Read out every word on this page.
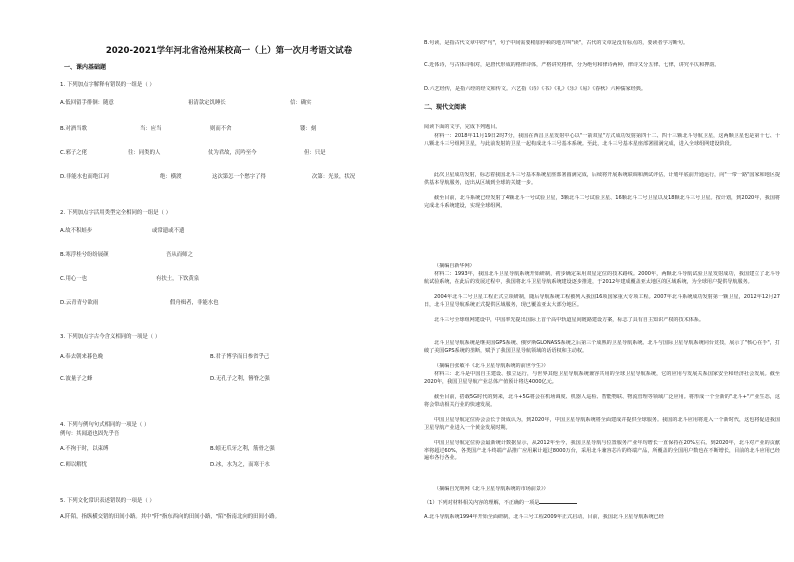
2020-2021学年河北省沧州某校高一（上）第一次月考语文试卷
一、课内基础题
1. 下列加点字解释有错误的一组是（ ）
A.低回留手徘徊：随意	祖清款定饥睡长	信：确实
B.对酒当歌	当：应当	则而不舍	镂：刻
C.邪子之佬	往：同类的人	仗为君故，沉吟至今	但：只是
D.非能水也而绝江河	绝：横渡	这次第怎一个愁字了得	次第：光景，状况
2. 下列加点字活用类型完全相同的一组是（ ）
A.故不积蛙步	或常遗或不遗
B.寒浮桂兮纷纷展颜	吾从而师之
C.用心一也	有扶土，下饮黄泉
D.云青青兮欲雨	假舟楫者，非能水也
3. 下列加点字古今含义相同的一项是（ ）
A.奉去朝来暮色晚	B.君子博学而日参省乎己
C.波量子之蜂	D.无孔子之利，簪脊之强
4. 下列与例句句式相同的一项是（ ）
例句：其闻道也固先乎吾
A.不拘于时，以束缚	B.蚓无爪牙之利，筋骨之强
C.师以解忧	D.冰，水为之，而寒于水
5. 下列文化常识表述错误的一项是（ ）
A.阡陌，指纵横交错的田间小路。其中"阡"指东西向的田间小路，"陌"指南北向的田间小路。
B.句读，是指古代文章中的"句"，句子中间需要稍加停顿的地方叫"读"，古代的文章是没有标点的，要读者学习断句。
C.近体诗，与古体诗相对，是唐代形成的格律诗体，严格讲究格律，分为绝句和律诗两种，律诗又分五律、七律，讲究平仄和押韵。
D.六艺经传，是指六经的经文和传文。六艺指《诗》《书》《礼》《乐》《易》《春秋》六种儒家经典。
二、现代文阅读
阅读下面的文字，完成下列题目。
材料一：2018年11月19日2时7分，我国在西昌卫星发射中心以"一箭双星"方式成功发射第四十二、四十三颗北斗导航卫星，这两颗卫星也是第十七、十八颗北斗三号组网卫星，与此前发射的卫星一起构成北斗三号基本系统。至此，北斗三号基本星座部署圆满完成，进入全球组网建设阶段。
此次卫星成功发射，标志着我国北斗三号基本系统星座部署圆满完成，后续将开展系统联调和测试评估，计划年底前开通运行，向"一带一路"国家和地区提供基本导航服务，迈出从区域到全球的关键一步。
截至目前，北斗系统已经发射了4颗北斗一号试验卫星，3颗北斗二号试验卫星、16颗北斗二号卫星以及18颗北斗三号卫星。按计划，到2020年，我国将完成北斗系统建设，实现全球组网。
（摘编自新华网）
材料二：1993年，我国北斗卫星导航系统开始研制，初步确定采用双星定位的技术路线。2000年，两颗北斗导航试验卫星发射成功，我国建立了北斗导航试验系统，在此后的发展过程中，我国将北斗卫星导航系统建设逐步推进，于2012年建成覆盖亚太地区的区域系统，为全球用户提供导航服务。
2004年北斗二号卫星工程正式立项研制，随后导航系统工程被列入我国16项国家重大专项工程。2007年北斗系统成功发射第一颗卫星，2012年12月27日，北斗卫星导航系统正式提供区域服务，现已覆盖亚太大部分地区。
北斗三号全球组网建设中，中国率先提出国际上首个高中轨道星间链路建设方案，标志了具有自主知识产权的技术体系。
北斗卫星导航系统是继美国GPS系统、俄罗斯GLONASS系统之后第三个成熟的卫星导航系统。北斗与国际卫星导航系统同台竞技，展示了"核心在手"，打破了美国GPS系统的垄断，赋予了我国卫星导航领域的话语权和主动权。
（摘编自张敏平《北斗卫星导航系统的前世今生》）
材料三：北斗是中国自主建设、独立运行，与世界其他卫星导航系统兼容共用的全球卫星导航系统，它的应用与发展关系国家安全和经济社会发展。截至2020年，我国卫星导航产业总体产值预计将达4000亿元。
截至目前，搭载5G时代的到来，北斗+5G将会在机场调度、机器人巡检、智能物联、物流管理等领域广泛应用。将形成一个全新的"北斗+"产业生态，这将会带动相关行业的快速发展。
中国卫星导航定位协会会长于贤成认为，到2020年，中国卫星导航系统将全面建成并提供全球服务。我国的北斗应用将进入一个新时代，这也将促进我国卫星导航产业进入一个黄金发展时期。
中国卫星导航定位协会最新统计数据显示，从2012年至今，我国卫星导航与位置服务产业年均增长一直保持在20%左右。到2020年，北斗对产业的贡献率将超过60%，各类国产北斗终端产品推广应用累计超过8000万台，采用北斗兼容芯片的终端产品，所覆盖的全国用户数也在不断增长，目前的北斗应用已经遍布各行各业。
（摘编自光明网《北斗卫星导航系统的市场前景》）
（1）下列对材料相关内容的理解，不正确的一项是
A.北斗导航系统1994年开始全面研制，北斗三号工程2009年正式启动，目前，我国北斗卫星导航系统已经
